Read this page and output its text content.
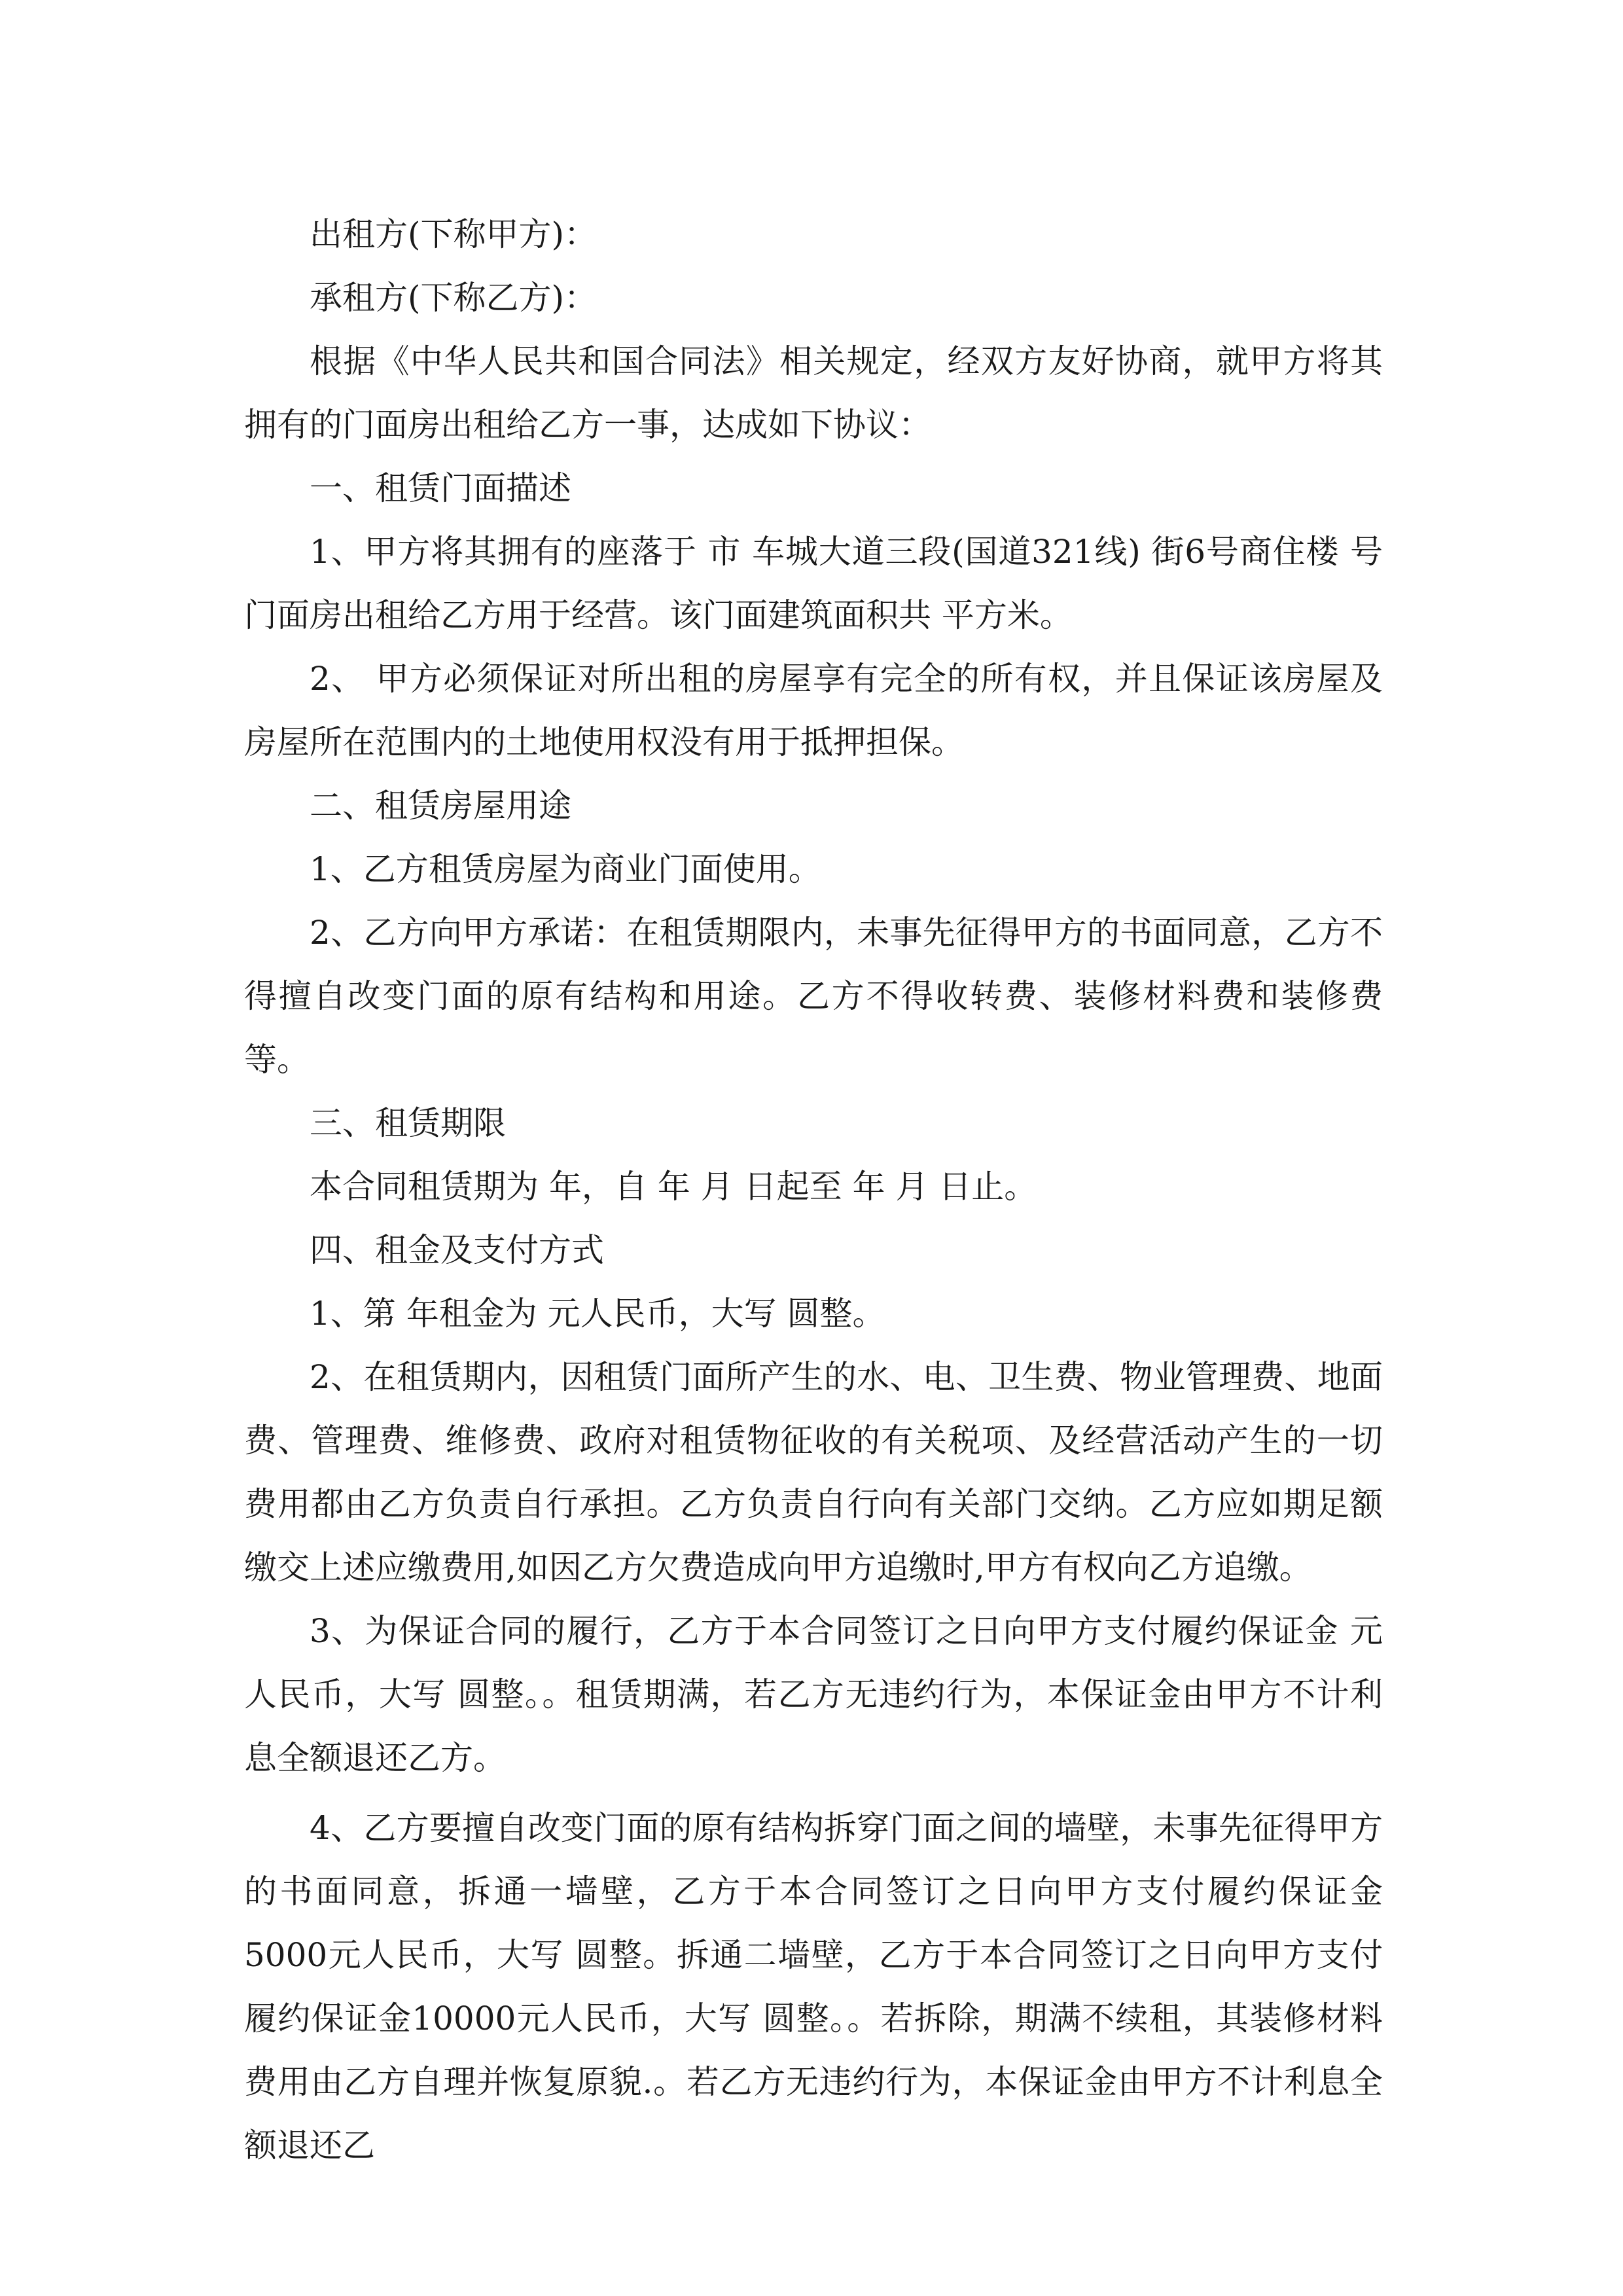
出租方(下称甲方)：

承租方(下称乙方)：

根据《中华人民共和国合同法》相关规定，经双方友好协商，就甲方将其拥有的门面房出租给乙方一事，达成如下协议：

一、租赁门面描述

1、甲方将其拥有的座落于 市 车城大道三段(国道321线) 街6号商住楼 号门面房出租给乙方用于经营。该门面建筑面积共 平方米。

2、 甲方必须保证对所出租的房屋享有完全的所有权，并且保证该房屋及房屋所在范围内的土地使用权没有用于抵押担保。

二、租赁房屋用途

1、乙方租赁房屋为商业门面使用。

2、乙方向甲方承诺：在租赁期限内，未事先征得甲方的书面同意，乙方不得擅自改变门面的原有结构和用途。乙方不得收转费、装修材料费和装修费等。

三、租赁期限

本合同租赁期为 年，自 年 月 日起至 年 月 日止。

四、租金及支付方式

1、第 年租金为 元人民币，大写 圆整。

2、在租赁期内，因租赁门面所产生的水、电、卫生费、物业管理费、地面费、管理费、维修费、政府对租赁物征收的有关税项、及经营活动产生的一切费用都由乙方负责自行承担。乙方负责自行向有关部门交纳。乙方应如期足额缴交上述应缴费用,如因乙方欠费造成向甲方追缴时,甲方有权向乙方追缴。

3、为保证合同的履行，乙方于本合同签订之日向甲方支付履约保证金 元人民币，大写 圆整。。租赁期满，若乙方无违约行为，本保证金由甲方不计利息全额退还乙方。

4、乙方要擅自改变门面的原有结构拆穿门面之间的墙壁，未事先征得甲方的书面同意，拆通一墙壁，乙方于本合同签订之日向甲方支付履约保证金 5000元人民币，大写 圆整。拆通二墙壁，乙方于本合同签订之日向甲方支付履约保证金10000元人民币，大写 圆整。。若拆除，期满不续租，其装修材料费用由乙方自理并恢复原貌.。若乙方无违约行为，本保证金由甲方不计利息全额退还乙
